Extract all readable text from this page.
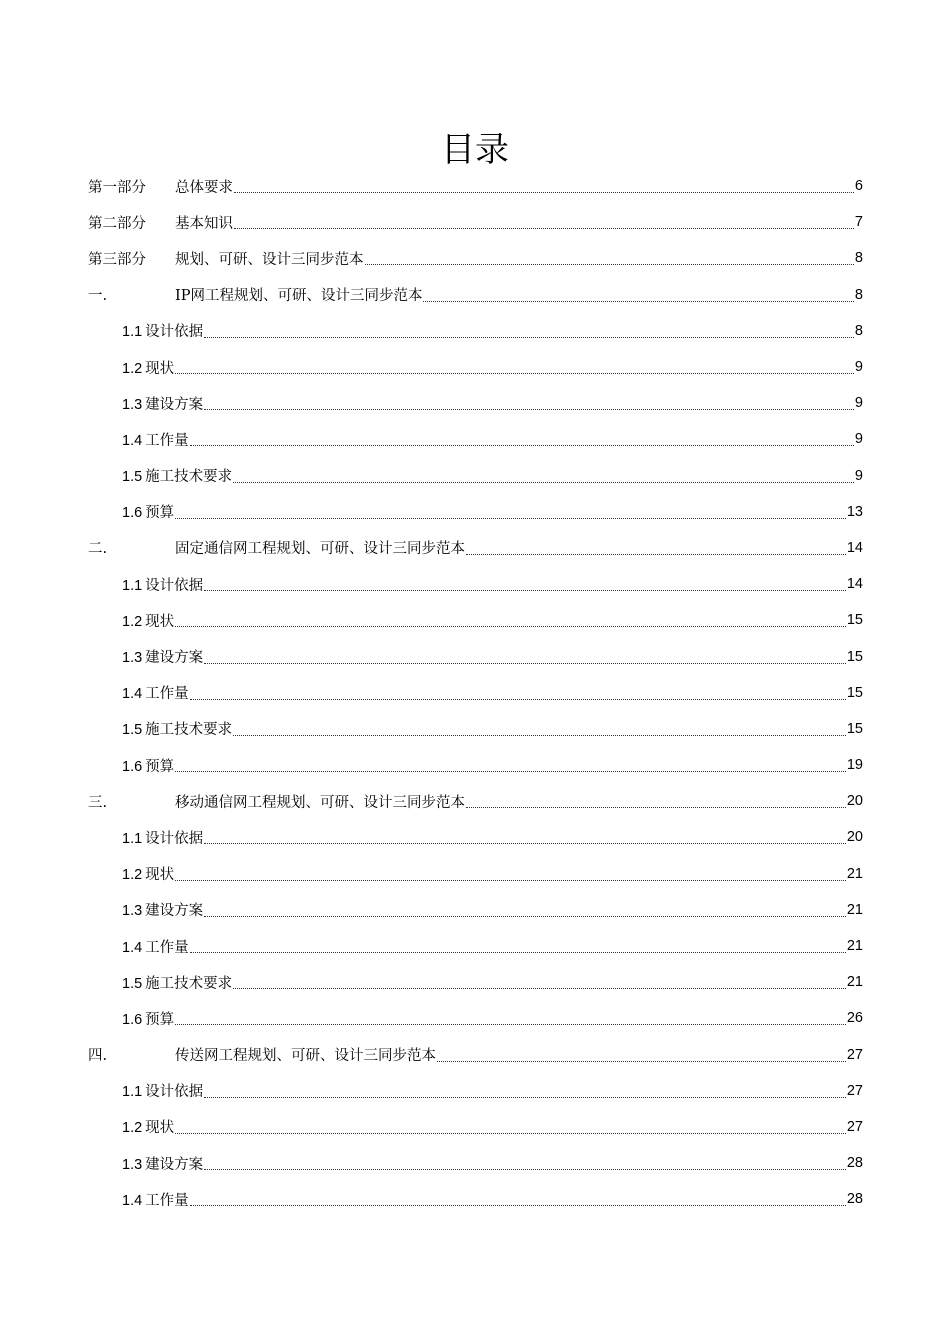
目录
第一部分	总体要求	6
第二部分	基本知识	7
第三部分	规划、可研、设计三同步范本	8
一.	IP网工程规划、可研、设计三同步范本	8
1.1 设计依据	8
1.2 现状	9
1.3 建设方案	9
1.4 工作量	9
1.5 施工技术要求	9
1.6 预算	13
二.	固定通信网工程规划、可研、设计三同步范本	14
1.1 设计依据	14
1.2 现状	15
1.3 建设方案	15
1.4 工作量	15
1.5 施工技术要求	15
1.6 预算	19
三.	移动通信网工程规划、可研、设计三同步范本	20
1.1 设计依据	20
1.2 现状	21
1.3 建设方案	21
1.4 工作量	21
1.5 施工技术要求	21
1.6 预算	26
四.	传送网工程规划、可研、设计三同步范本	27
1.1 设计依据	27
1.2 现状	27
1.3 建设方案	28
1.4 工作量	28
